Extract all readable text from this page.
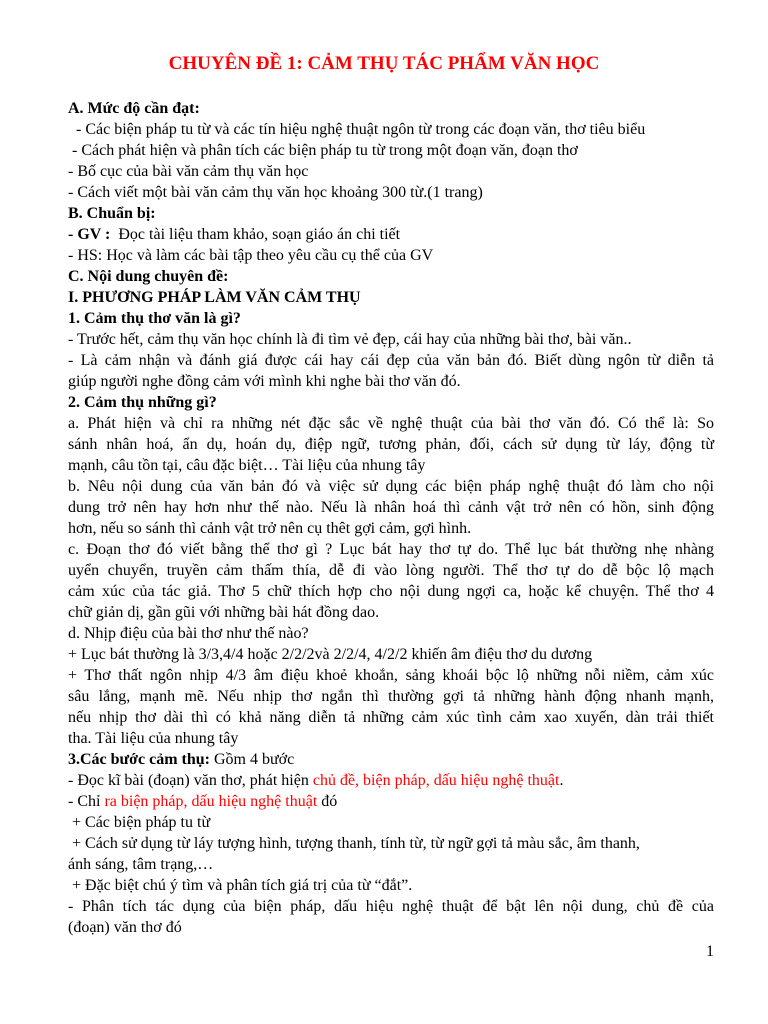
CHUYÊN ĐỀ 1: CẢM THỤ TÁC PHẨM VĂN HỌC

A. Mức độ cần đạt:

- Các biện pháp tu từ và các tín hiệu nghệ thuật ngôn từ trong các đoạn văn, thơ tiêu biểu

- Cách phát hiện và phân tích các biện pháp tu từ trong một đoạn văn, đoạn thơ

- Bố cục của bài văn cảm thụ văn học

- Cách viết một bài văn cảm thụ văn học khoảng 300 từ.(1 trang)

B. Chuẩn bị:

- GV :  Đọc tài liệu tham khảo, soạn giáo án chi tiết

- HS: Học và làm các bài tập theo yêu cầu cụ thể của GV

C. Nội dung chuyên đề:

I. PHƯƠNG PHÁP LÀM VĂN CẢM THỤ

1. Cảm thụ thơ văn là gì?

- Trước hết, cảm thụ văn học chính là đi tìm vẻ đẹp, cái hay của những bài thơ, bài văn..

- Là cảm nhận và đánh giá được cái hay cái đẹp của văn bản đó. Biết dùng ngôn từ diễn tả

giúp người nghe đồng cảm với mình khi nghe bài thơ văn đó.

2. Cảm thụ những gì?

a. Phát hiện và chỉ ra những nét đặc sắc về nghệ thuật của bài thơ văn đó. Có thể là: So

sánh nhân hoá, ẩn dụ, hoán dụ, điệp ngữ, tương phản, đối, cách sử dụng từ láy, động từ

mạnh, câu tồn tại, câu đặc biệt… Tài liệu của nhung tây

b. Nêu nội dung của văn bản đó và việc sử dụng các biện pháp nghệ thuật đó làm cho nội

dung trở nên hay hơn như thế nào. Nếu là nhân hoá thì cảnh vật trở nên có hồn, sinh động

hơn, nếu so sánh thì cảnh vật trở nên cụ thêt gợi cảm, gợi hình.

c. Đoạn thơ đó viết bằng thể thơ gì ? Lục bát hay thơ tự do. Thể lục bát thường nhẹ nhàng

uyển chuyển, truyền cảm thấm thía, dễ đi vào lòng người. Thể thơ tự do dễ bộc lộ mạch

cảm xúc của tác giả. Thơ 5 chữ thích hợp cho nội dung ngợi ca, hoặc kể chuyện. Thể thơ 4

chữ giản dị, gần gũi với những bài hát đồng dao.

d. Nhịp điệu của bài thơ như thế nào?

+ Lục bát thường là 3/3,4/4 hoặc 2/2/2và 2/2/4, 4/2/2 khiến âm điệu thơ du dương

+ Thơ thất ngôn nhịp 4/3 âm điệu khoẻ khoắn, sảng khoái bộc lộ những nỗi niềm, cảm xúc

sâu lắng, mạnh mẽ. Nếu nhịp thơ ngắn thì thường gợi tả những hành động nhanh mạnh,

nếu nhịp thơ dài thì có khả năng diễn tả những cảm xúc tình cảm xao xuyến, dàn trải thiết

tha. Tài liệu của nhung tây

3.Các bước cảm thụ: Gồm 4 bước

- Đọc kĩ bài (đoạn) văn thơ, phát hiện chủ đề, biện pháp, dấu hiệu nghệ thuật.

- Chỉ ra biện pháp, dấu hiệu nghệ thuật đó

+ Các biện pháp tu từ

+ Cách sử dụng từ láy tượng hình, tượng thanh, tính từ, từ ngữ gợi tả màu sắc, âm thanh,

ánh sáng, tâm trạng,…

+ Đặc biệt chú ý tìm và phân tích giá trị của từ “đắt”.

- Phân tích tác dụng của biện pháp, dấu hiệu nghệ thuật để bật lên nội dung, chủ đề của

(đoạn) văn thơ đó

1
